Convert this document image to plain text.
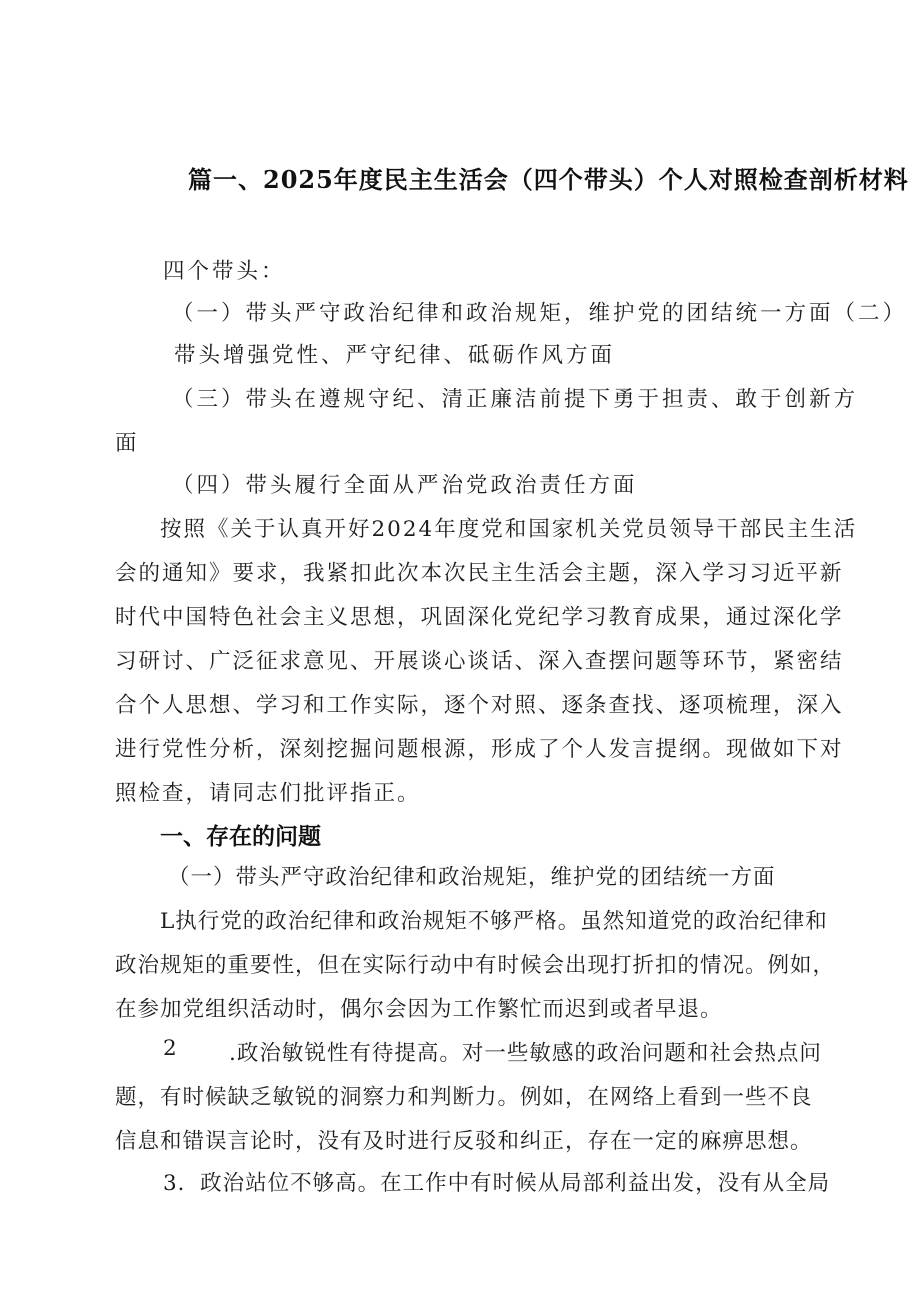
篇一、2025年度民主生活会（四个带头）个人对照检查剖析材料
四个带头：
（一）带头严守政治纪律和政治规矩，维护党的团结统一方面（二）
带头增强党性、严守纪律、砥砺作风方面
（三）带头在遵规守纪、清正廉洁前提下勇于担责、敢于创新方
面
（四）带头履行全面从严治党政治责任方面
按照《关于认真开好2024年度党和国家机关党员领导干部民主生活
会的通知》要求，我紧扣此次本次民主生活会主题，深入学习习近平新
时代中国特色社会主义思想，巩固深化党纪学习教育成果，通过深化学
习研讨、广泛征求意见、开展谈心谈话、深入查摆问题等环节，紧密结
合个人思想、学习和工作实际，逐个对照、逐条查找、逐项梳理，深入
进行党性分析，深刻挖掘问题根源，形成了个人发言提纲。现做如下对
照检查，请同志们批评指正。
一、存在的问题
（一）带头严守政治纪律和政治规矩，维护党的团结统一方面
L执行党的政治纪律和政治规矩不够严格。虽然知道党的政治纪律和
政治规矩的重要性，但在实际行动中有时候会出现打折扣的情况。例如，
在参加党组织活动时，偶尔会因为工作繁忙而迟到或者早退。
2 .政治敏锐性有待提高。对一些敏感的政治问题和社会热点问
题，有时候缺乏敏锐的洞察力和判断力。例如，在网络上看到一些不良
信息和错误言论时，没有及时进行反驳和纠正，存在一定的麻痹思想。
3．政治站位不够高。在工作中有时候从局部利益出发，没有从全局
